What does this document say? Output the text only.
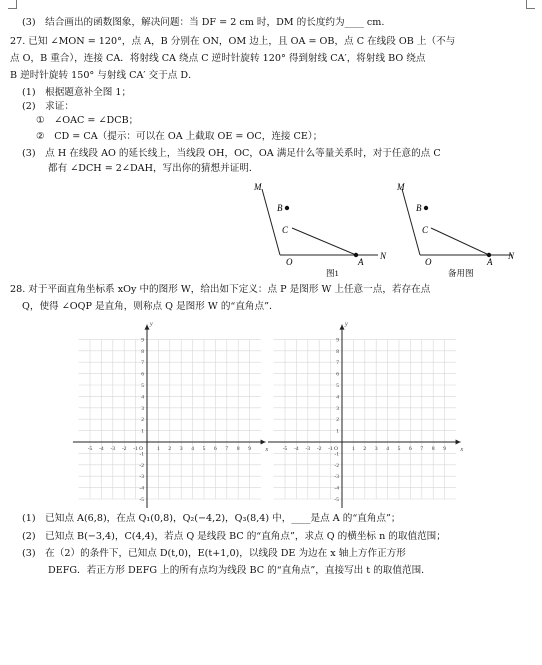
(3)　结合画出的函数图象，解决问题：当 DF = 2 cm 时，DM 的长度约为____ cm.
27. 已知 ∠MON = 120°，点 A，B 分别在 ON，OM 边上，且 OA = OB，点 C 在线段 OB 上（不与
点 O，B 重合），连接 CA．将射线 CA 绕点 C 逆时针旋转 120° 得到射线 CA′，将射线 BO 绕点
B 逆时针旋转 150° 与射线 CA′ 交于点 D．
(1)　根据题意补全图 1；
(2)　求证：
①　∠OAC = ∠DCB；
②　CD = CA（提示：可以在 OA 上截取 OE = OC，连接 CE）；
(3)　点 H 在线段 AO 的延长线上，当线段 OH，OC，OA 满足什么等量关系时，对于任意的点 C
都有 ∠DCH = 2∠DAH，写出你的猜想并证明．
M
B
C
O	A
N
图1
M
B
C
O	A
N
备用图
28. 对于平面直角坐标系 xOy 中的图形 W，给出如下定义：点 P 是图形 W 上任意一点，若存在点
Q，使得 ∠OQP 是直角，则称点 Q 是图形 W 的“直角点”．
-5 -4 -3 -2 -1 O	1 2 3 4 5 6 7 8 9
1
2
3
4
5
6
7
8
9
-1
-2
-3
-4
-5
x
y
-5 -4 -3 -2 -1 O	1 2 3 4 5 6 7 8 9
1
2
3
4
5
6
7
8
9
-1
-2
-3
-4
-5
x
y
(1)　已知点 A(6,8)，在点 Q₁(0,8)，Q₂(−4,2)，Q₃(8,4) 中，____是点 A 的“直角点”；
(2)　已知点 B(−3,4)，C(4,4)，若点 Q 是线段 BC 的“直角点”，求点 Q 的横坐标 n 的取值范围；
(3)　在（2）的条件下，已知点 D(t,0)，E(t+1,0)，以线段 DE 为边在 x 轴上方作正方形
DEFG．若正方形 DEFG 上的所有点均为线段 BC 的“直角点”，直接写出 t 的取值范围．
